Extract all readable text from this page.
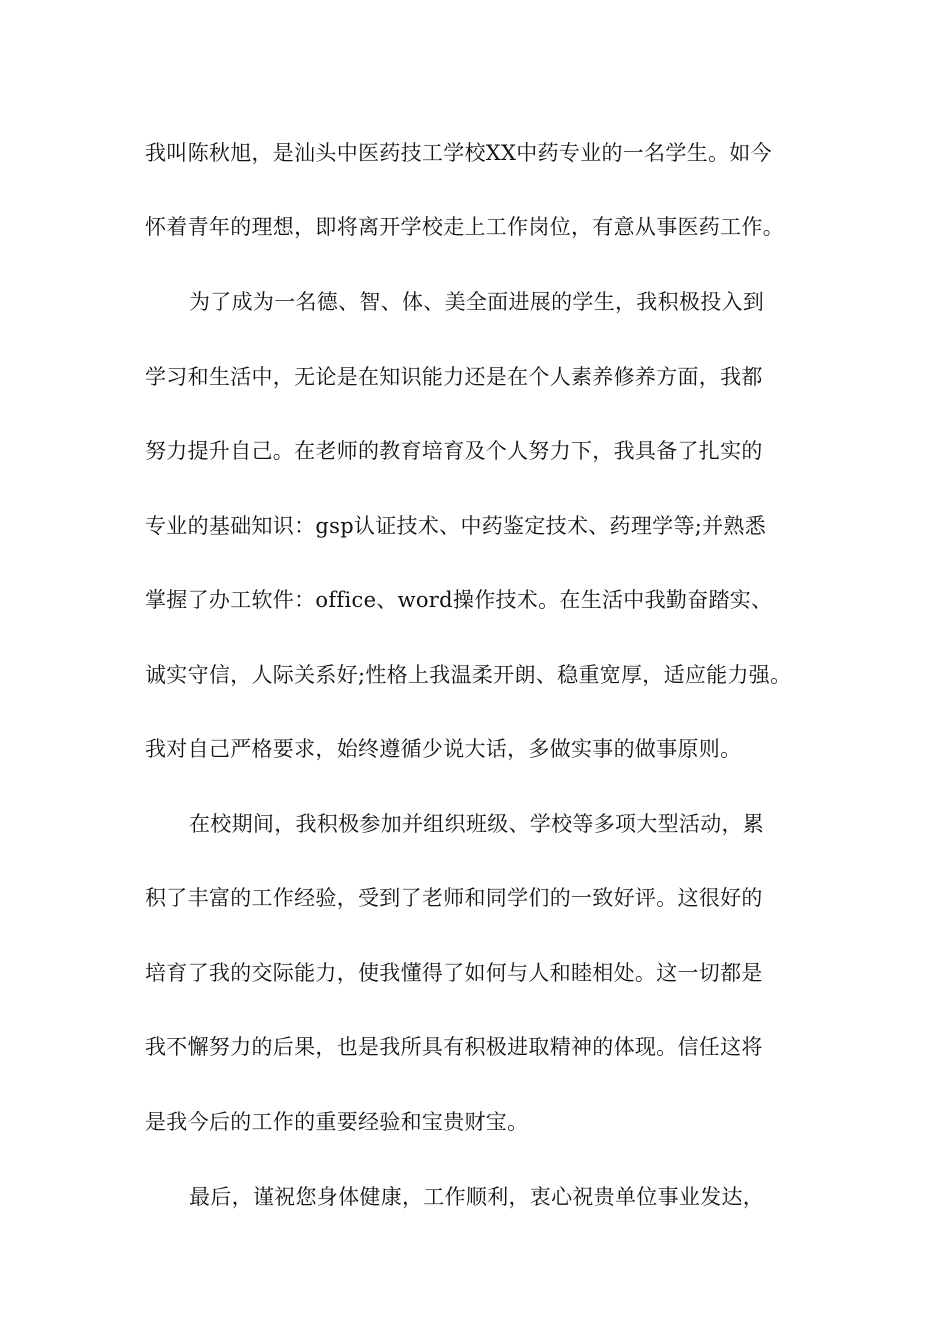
我叫陈秋旭，是汕头中医药技工学校XX中药专业的一名学生。如今
怀着青年的理想，即将离开学校走上工作岗位，有意从事医药工作。
为了成为一名德、智、体、美全面进展的学生，我积极投入到
学习和生活中，无论是在知识能力还是在个人素养修养方面，我都
努力提升自己。在老师的教育培育及个人努力下，我具备了扎实的
专业的基础知识：gsp认证技术、中药鉴定技术、药理学等;并熟悉
掌握了办工软件：office、word操作技术。在生活中我勤奋踏实、
诚实守信，人际关系好;性格上我温柔开朗、稳重宽厚，适应能力强。
我对自己严格要求，始终遵循少说大话，多做实事的做事原则。
在校期间，我积极参加并组织班级、学校等多项大型活动，累
积了丰富的工作经验，受到了老师和同学们的一致好评。这很好的
培育了我的交际能力，使我懂得了如何与人和睦相处。这一切都是
我不懈努力的后果，也是我所具有积极进取精神的体现。信任这将
是我今后的工作的重要经验和宝贵财宝。
最后，谨祝您身体健康，工作顺利，衷心祝贵单位事业发达，
